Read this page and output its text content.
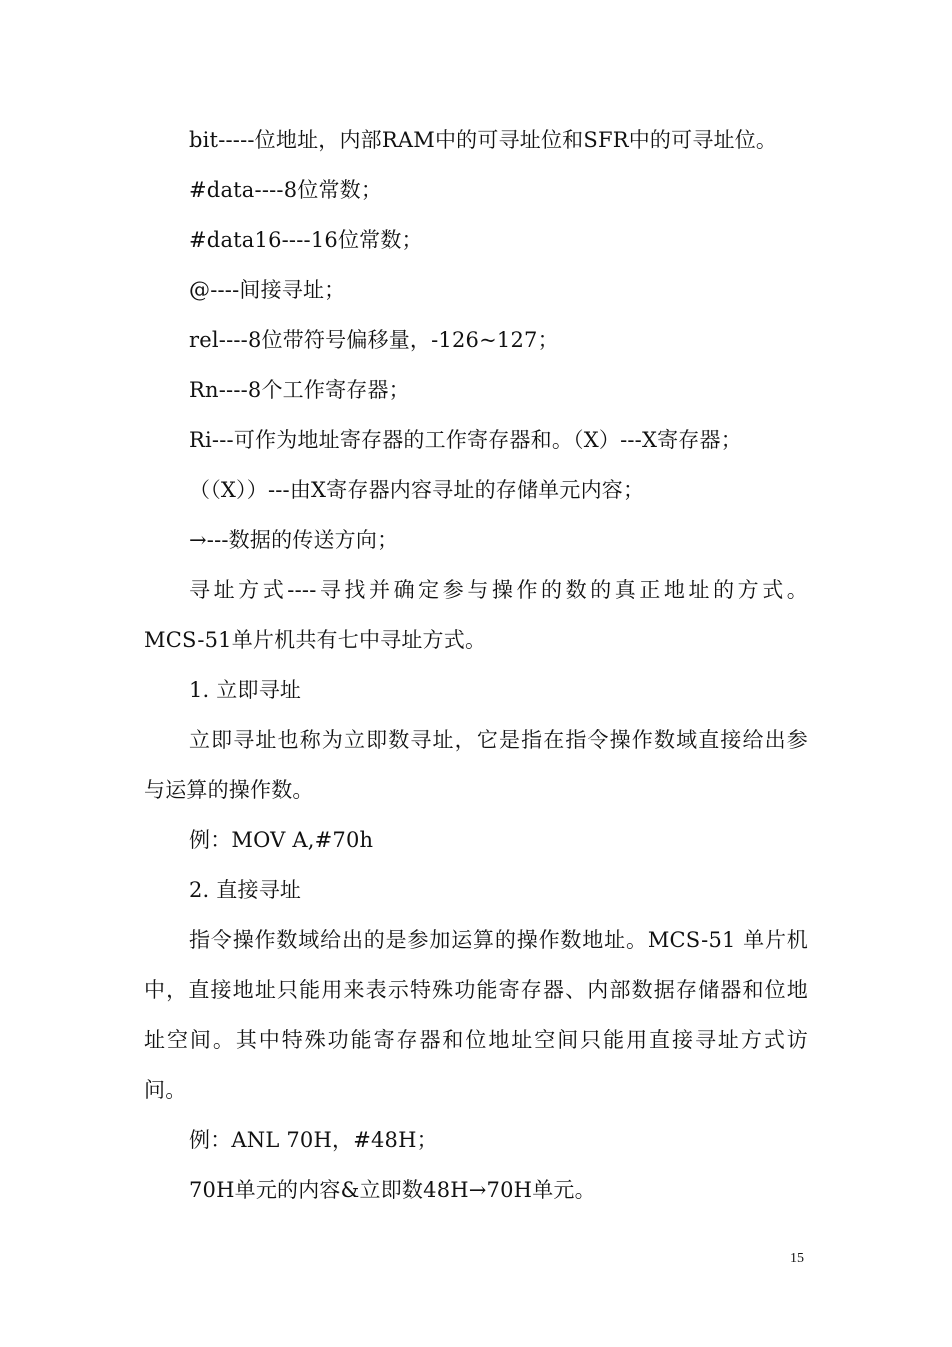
bit-----位地址，内部RAM中的可寻址位和SFR中的可寻址位。
#data----8位常数；
#data16----16位常数；
@----间接寻址；
rel----8位带符号偏移量，-126~127；
Rn----8个工作寄存器；
Ri---可作为地址寄存器的工作寄存器和。（X）---X寄存器；
（（X））---由X寄存器内容寻址的存储单元内容；
→---数据的传送方向；
寻址方式----寻找并确定参与操作的数的真正地址的方式。
MCS-51单片机共有七中寻址方式。
1. 立即寻址
立即寻址也称为立即数寻址，它是指在指令操作数域直接给出参
与运算的操作数。
例：MOV A,#70h
2. 直接寻址
指令操作数域给出的是参加运算的操作数地址。MCS-51 单片机
中，直接地址只能用来表示特殊功能寄存器、内部数据存储器和位地
址空间。其中特殊功能寄存器和位地址空间只能用直接寻址方式访
问。
例：ANL 70H，#48H；
70H单元的内容&立即数48H→70H单元。
15
